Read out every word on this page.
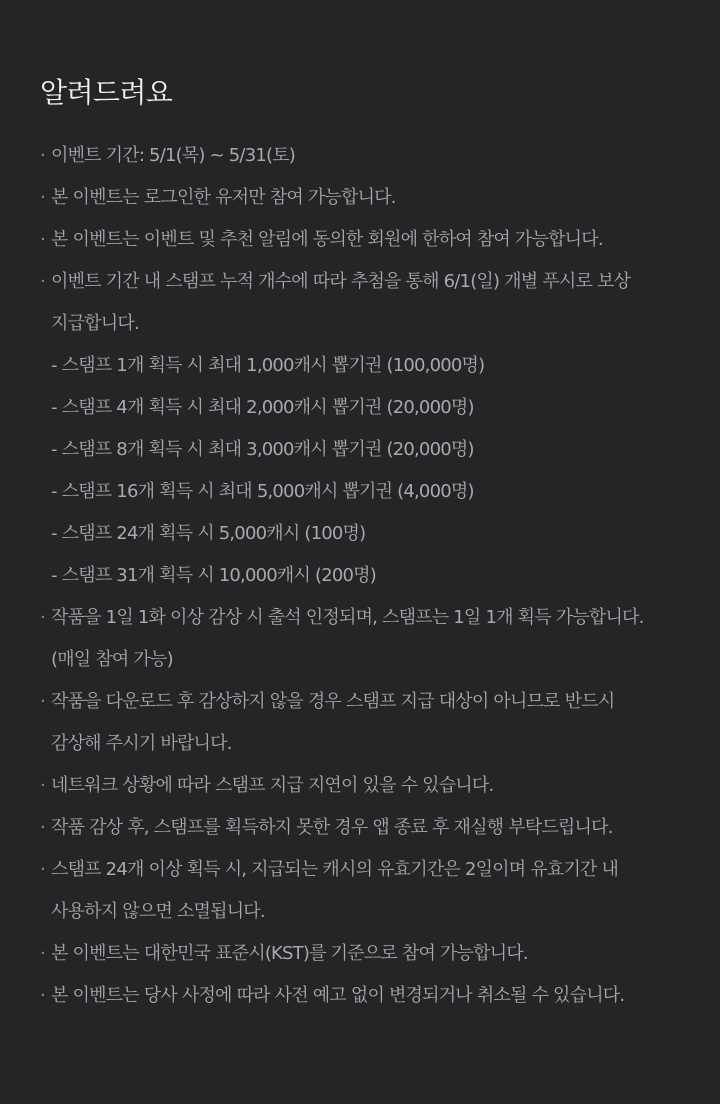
알려드려요
· 이벤트 기간: 5/1(목) ~ 5/31(토)
· 본 이벤트는 로그인한 유저만 참여 가능합니다.
· 본 이벤트는 이벤트 및 추천 알림에 동의한 회원에 한하여 참여 가능합니다.
· 이벤트 기간 내 스탬프 누적 개수에 따라 추첨을 통해 6/1(일) 개별 푸시로 보상
지급합니다.
- 스탬프 1개 획득 시 최대 1,000캐시 뽑기권 (100,000명)
- 스탬프 4개 획득 시 최대 2,000캐시 뽑기권 (20,000명)
- 스탬프 8개 획득 시 최대 3,000캐시 뽑기권 (20,000명)
- 스탬프 16개 획득 시 최대 5,000캐시 뽑기권 (4,000명)
- 스탬프 24개 획득 시 5,000캐시 (100명)
- 스탬프 31개 획득 시 10,000캐시 (200명)
· 작품을 1일 1화 이상 감상 시 출석 인정되며, 스탬프는 1일 1개 획득 가능합니다.
(매일 참여 가능)
· 작품을 다운로드 후 감상하지 않을 경우 스탬프 지급 대상이 아니므로 반드시
감상해 주시기 바랍니다.
· 네트워크 상황에 따라 스탬프 지급 지연이 있을 수 있습니다.
· 작품 감상 후, 스탬프를 획득하지 못한 경우 앱 종료 후 재실행 부탁드립니다.
· 스탬프 24개 이상 획득 시, 지급되는 캐시의 유효기간은 2일이며 유효기간 내
사용하지 않으면 소멸됩니다.
· 본 이벤트는 대한민국 표준시(KST)를 기준으로 참여 가능합니다.
· 본 이벤트는 당사 사정에 따라 사전 예고 없이 변경되거나 취소될 수 있습니다.
